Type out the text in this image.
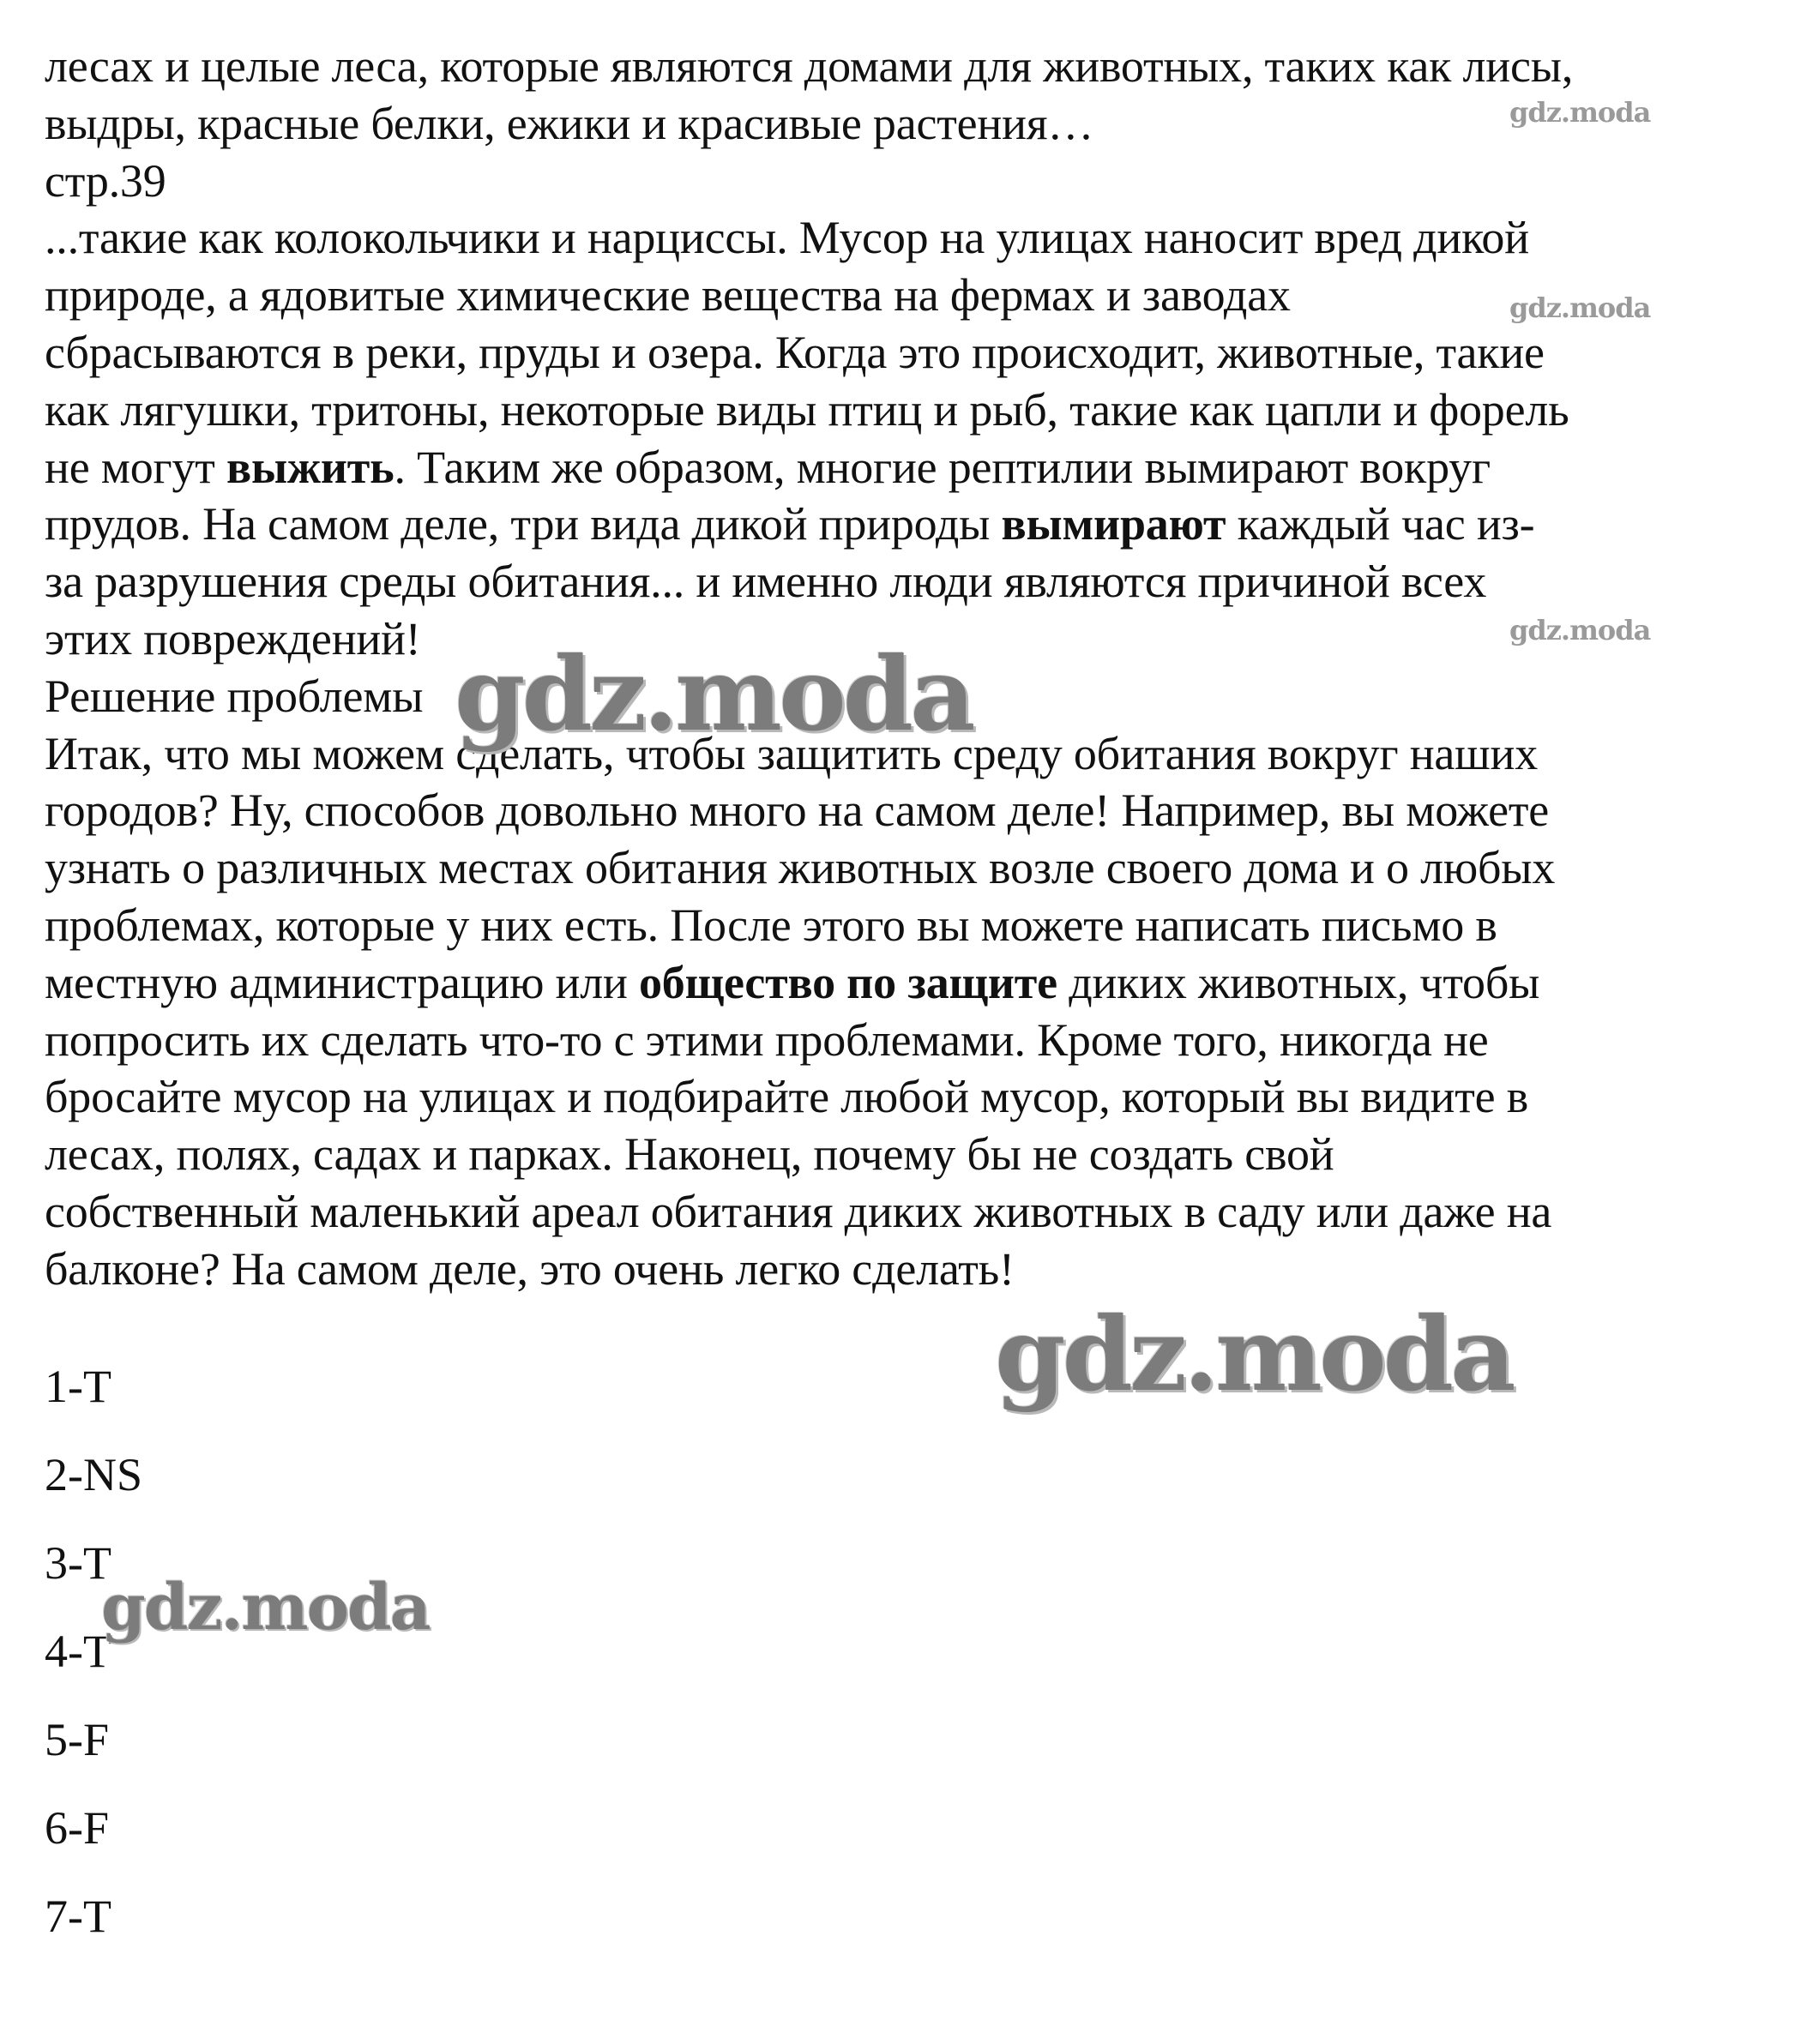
лесах и целые леса, которые являются домами для животных, таких как лисы,
выдры, красные белки, ежики и красивые растения…
стр.39
...такие как колокольчики и нарциссы. Мусор на улицах наносит вред дикой
природе, а ядовитые химические вещества на фермах и заводах
сбрасываются в реки, пруды и озера. Когда это происходит, животные, такие
как лягушки, тритоны, некоторые виды птиц и рыб, такие как цапли и форель
не могут выжить. Таким же образом, многие рептилии вымирают вокруг
прудов. На самом деле, три вида дикой природы вымирают каждый час из-
за разрушения среды обитания... и именно люди являются причиной всех
этих повреждений!
Решение проблемы
Итак, что мы можем сделать, чтобы защитить среду обитания вокруг наших
городов? Ну, способов довольно много на самом деле! Например, вы можете
узнать о различных местах обитания животных возле своего дома и о любых
проблемах, которые у них есть. После этого вы можете написать письмо в
местную администрацию или общество по защите диких животных, чтобы
попросить их сделать что-то с этими проблемами. Кроме того, никогда не
бросайте мусор на улицах и подбирайте любой мусор, который вы видите в
лесах, полях, садах и парках. Наконец, почему бы не создать свой
собственный маленький ареал обитания диких животных в саду или даже на
балконе? На самом деле, это очень легко сделать!
1-T
2-NS
3-T
4-T
5-F
6-F
7-T
gdz.moda
gdz.moda
gdz.moda
gdz.moda
gdz.moda
gdz.moda
